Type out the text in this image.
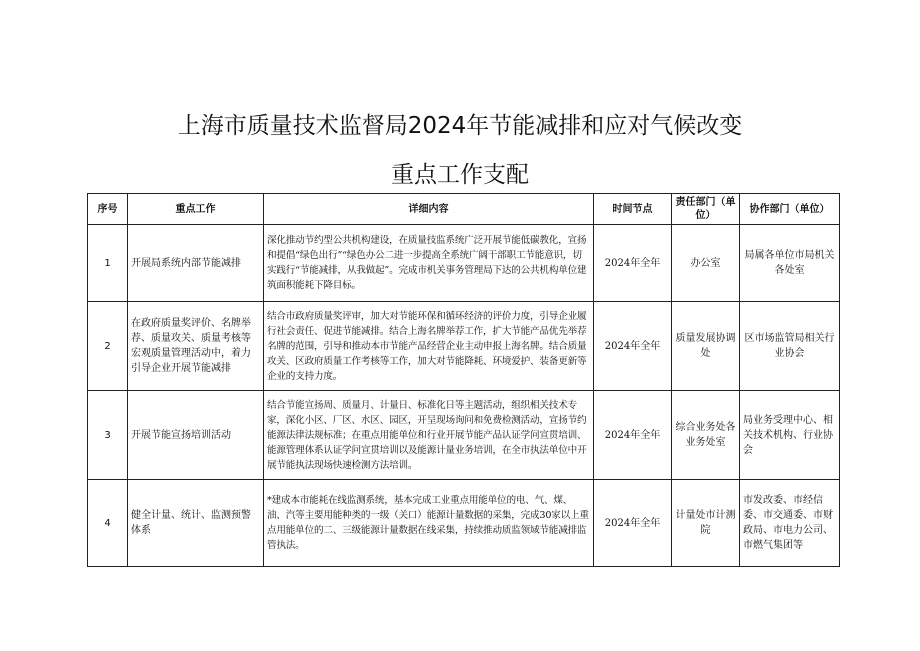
上海市质量技术监督局2024年节能减排和应对气候改变
重点工作支配
序号	重点工作	详细内容	时间节点	责任部门（单位）	协作部门（单位）
1	开展局系统内部节能减排	深化推动节约型公共机构建设，在质量技监系统广泛开展节能低碳教化，宣扬和提倡“绿色出行”“绿色办公二进一步提高全系统广阔干部职工节能意识，切实践行“节能减排，从我做起”。完成市机关事务管理局下达的公共机构单位建筑面积能耗下降目标。	2024年全年	办公室	局属各单位市局机关各处室
2	在政府质量奖评价、名牌举荐、质量攻关、质量考核等宏观质量管理活动中，着力引导企业开展节能减排	结合市政府质量奖评审，加大对节能环保和循环经济的评价力度，引导企业履行社会责任、促进节能减排。结合上海名牌举荐工作，扩大节能产品优先举荐名牌的范围，引导和推动本市节能产品经营企业主动申报上海名牌。结合质量攻关、区政府质量工作考核等工作，加大对节能降耗、环境爱护、装备更新等企业的支持力度。	2024年全年	质量发展协调处	区市场监管局相关行业协会
3	开展节能宣扬培训活动	结合节能宣扬周、质量月、计量日、标准化日等主题活动，组织相关技术专家，深化小区、厂区、水区、园区，开呈现场询问和免费检测活动，宣扬节约能源法律法规标准；在重点用能单位和行业开展节能产品认证学问宣贯培训、能源管理体系认证学问宣贯培训以及能源计量业务培训，在全市执法单位中开展节能执法现场快速检测方法培训。	2024年全年	综合业务处各业务处室	局业务受理中心、相关技术机构、行业协会
4	健全计量、统计、监测预警体系	*建成本市能耗在线监测系统，基本完成工业重点用能单位的电、气、煤、油、汽等主要用能种类的一级（关口）能源计量数据的采集，完成30家以上重点用能单位的二、三级能源计量数据在线采集，持续推动质监领域节能减排监管执法。	2024年全年	计量处市计测院	市发改委、市经信委、市交通委、市财政局、市电力公司、市燃气集团等
